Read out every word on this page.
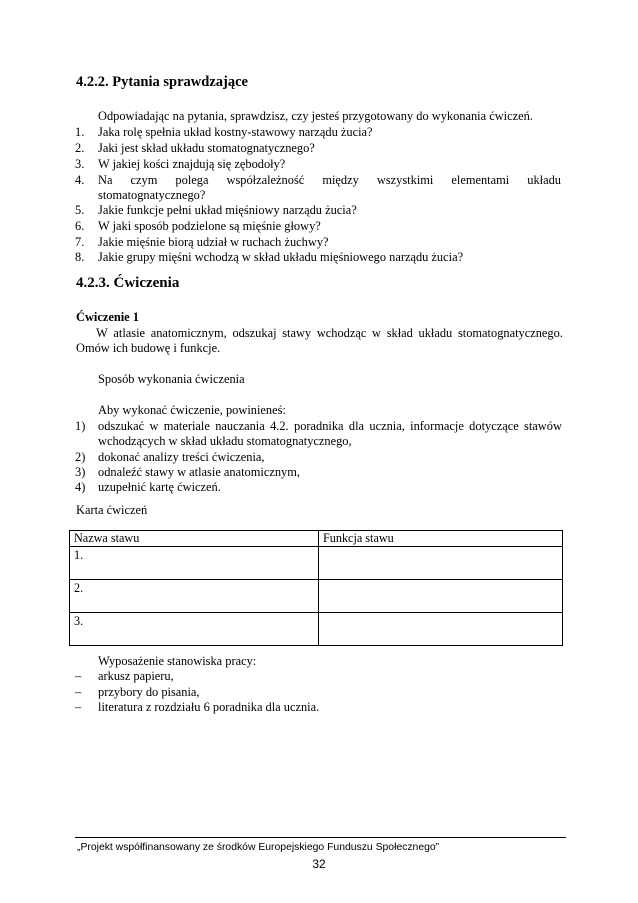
4.2.2. Pytania sprawdzające
Odpowiadając na pytania, sprawdzisz, czy jesteś przygotowany do wykonania ćwiczeń.
1. Jaka rolę spełnia układ kostny-stawowy narządu żucia?
2. Jaki jest skład układu stomatognatycznego?
3. W jakiej kości znajdują się zębodoły?
4. Na czym polega współzależność między wszystkimi elementami układu
stomatognatycznego?
5. Jakie funkcje pełni układ mięśniowy narządu żucia?
6. W jaki sposób podzielone są mięśnie głowy?
7. Jakie mięśnie biorą udział w ruchach żuchwy?
8. Jakie grupy mięśni wchodzą w skład układu mięśniowego narządu żucia?
4.2.3. Ćwiczenia
Ćwiczenie 1
W atlasie anatomicznym, odszukaj stawy wchodząc w skład układu stomatognatycznego.
Omów ich budowę i funkcje.
Sposób wykonania ćwiczenia
Aby wykonać ćwiczenie, powinieneś:
1) odszukać w materiale nauczania 4.2. poradnika dla ucznia, informacje dotyczące stawów
wchodzących w skład układu stomatognatycznego,
2) dokonać analizy treści ćwiczenia,
3) odnaleźć stawy w atlasie anatomicznym,
4) uzupełnić kartę ćwiczeń.
Karta ćwiczeń
Nazwa stawu	Funkcja stawu
1.	
2.	
3.	
Wyposażenie stanowiska pracy:
– arkusz papieru,
– przybory do pisania,
– literatura z rozdziału 6 poradnika dla ucznia.
„Projekt współfinansowany ze środków Europejskiego Funduszu Społecznego”
32
